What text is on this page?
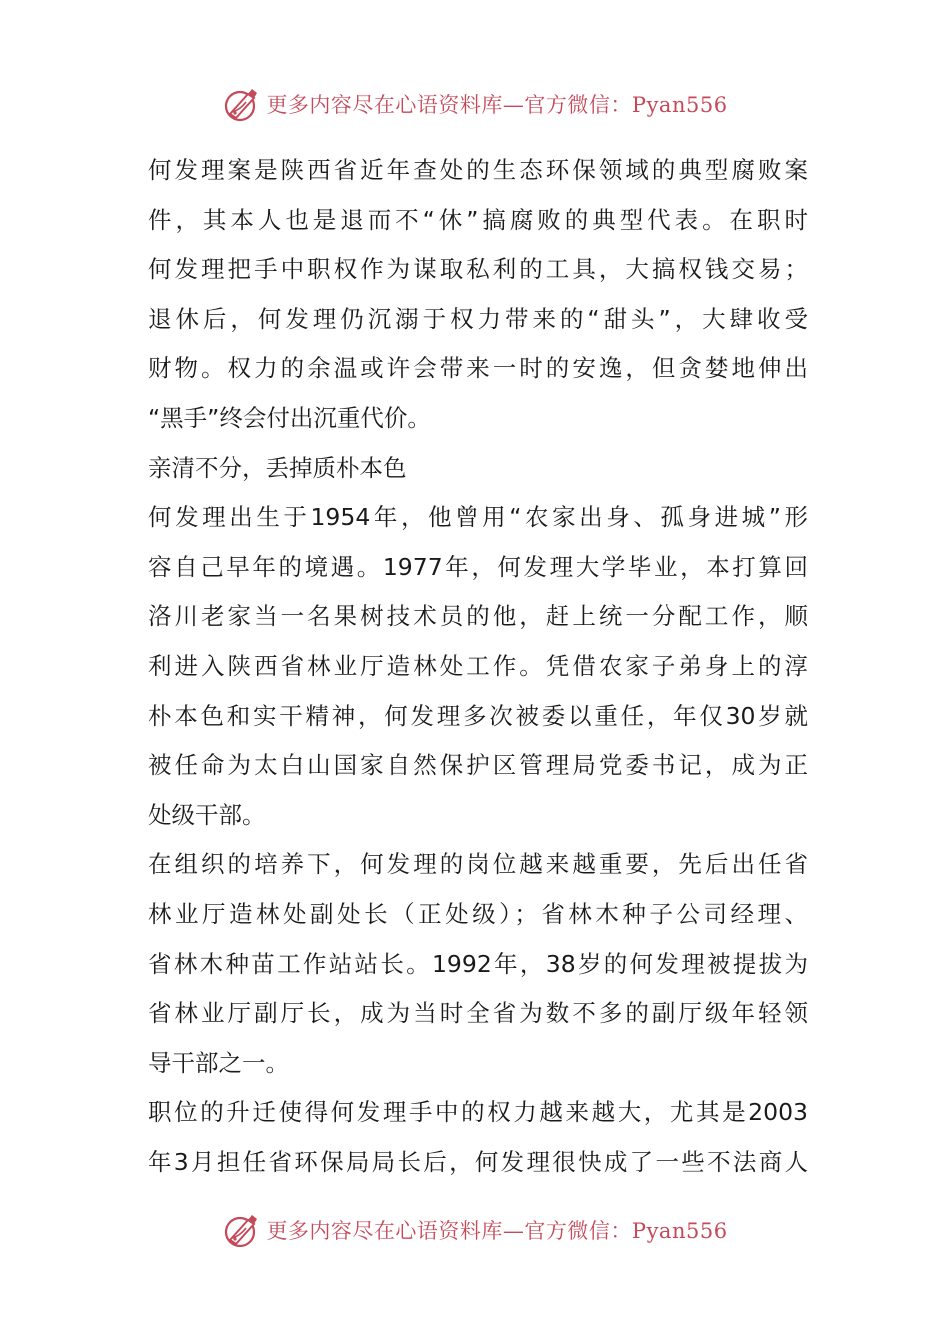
更多内容尽在心语资料库—官方微信：Pyan556
何发理案是陕西省近年查处的生态环保领域的典型腐败案
件，其本人也是退而不“休”搞腐败的典型代表。在职时
何发理把手中职权作为谋取私利的工具，大搞权钱交易；
退休后，何发理仍沉溺于权力带来的“甜头”，大肆收受
财物。权力的余温或许会带来一时的安逸，但贪婪地伸出
“黑手”终会付出沉重代价。
亲清不分，丢掉质朴本色
何发理出生于1954年，他曾用“农家出身、孤身进城”形
容自己早年的境遇。1977年，何发理大学毕业，本打算回
洛川老家当一名果树技术员的他，赶上统一分配工作，顺
利进入陕西省林业厅造林处工作。凭借农家子弟身上的淳
朴本色和实干精神，何发理多次被委以重任，年仅30岁就
被任命为太白山国家自然保护区管理局党委书记，成为正
处级干部。
在组织的培养下，何发理的岗位越来越重要，先后出任省
林业厅造林处副处长（正处级）；省林木种子公司经理、
省林木种苗工作站站长。1992年，38岁的何发理被提拔为
省林业厅副厅长，成为当时全省为数不多的副厅级年轻领
导干部之一。
职位的升迁使得何发理手中的权力越来越大，尤其是2003
年3月担任省环保局局长后，何发理很快成了一些不法商人
更多内容尽在心语资料库—官方微信：Pyan556
